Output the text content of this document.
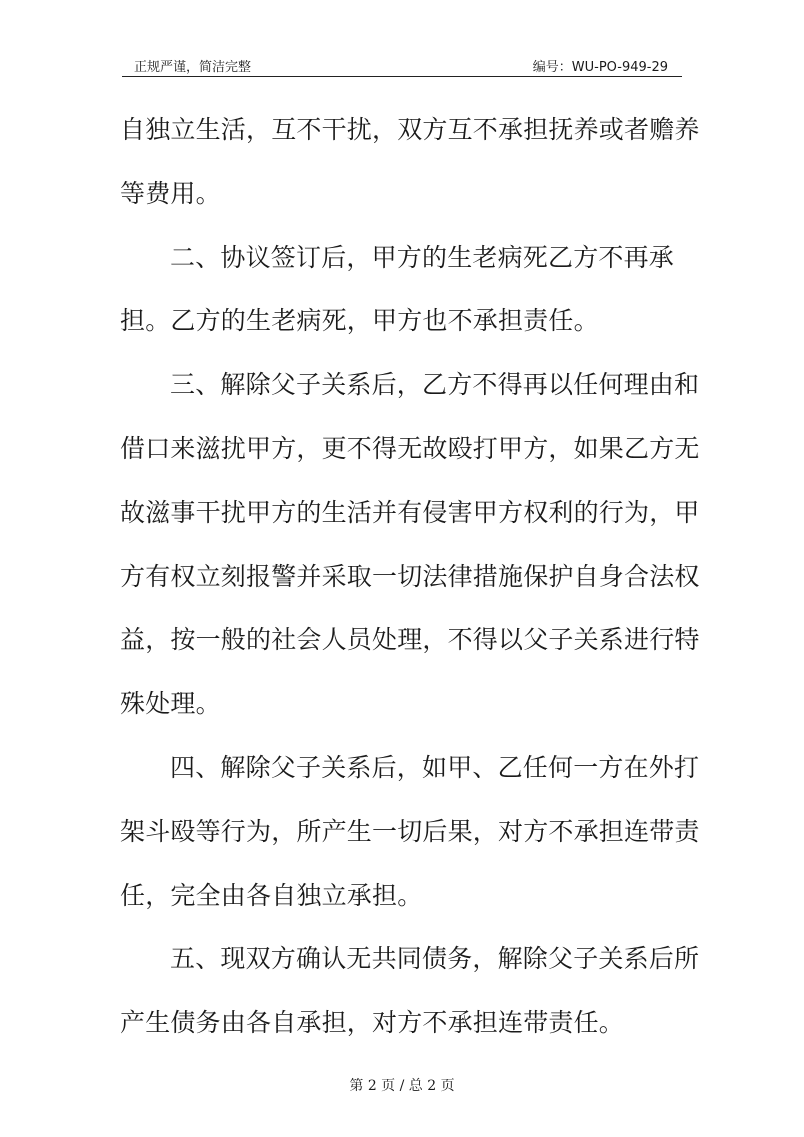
正规严谨，简洁完整	编号：WU-PO-949-29
自独立生活，互不干扰，双方互不承担抚养或者赡养
等费用。
二、协议签订后，甲方的生老病死乙方不再承
担。乙方的生老病死，甲方也不承担责任。
三、解除父子关系后，乙方不得再以任何理由和
借口来滋扰甲方，更不得无故殴打甲方，如果乙方无
故滋事干扰甲方的生活并有侵害甲方权利的行为，甲
方有权立刻报警并采取一切法律措施保护自身合法权
益，按一般的社会人员处理，不得以父子关系进行特
殊处理。
四、解除父子关系后，如甲、乙任何一方在外打
架斗殴等行为，所产生一切后果，对方不承担连带责
任，完全由各自独立承担。
五、现双方确认无共同债务，解除父子关系后所
产生债务由各自承担，对方不承担连带责任。
第 2 页 / 总 2 页
